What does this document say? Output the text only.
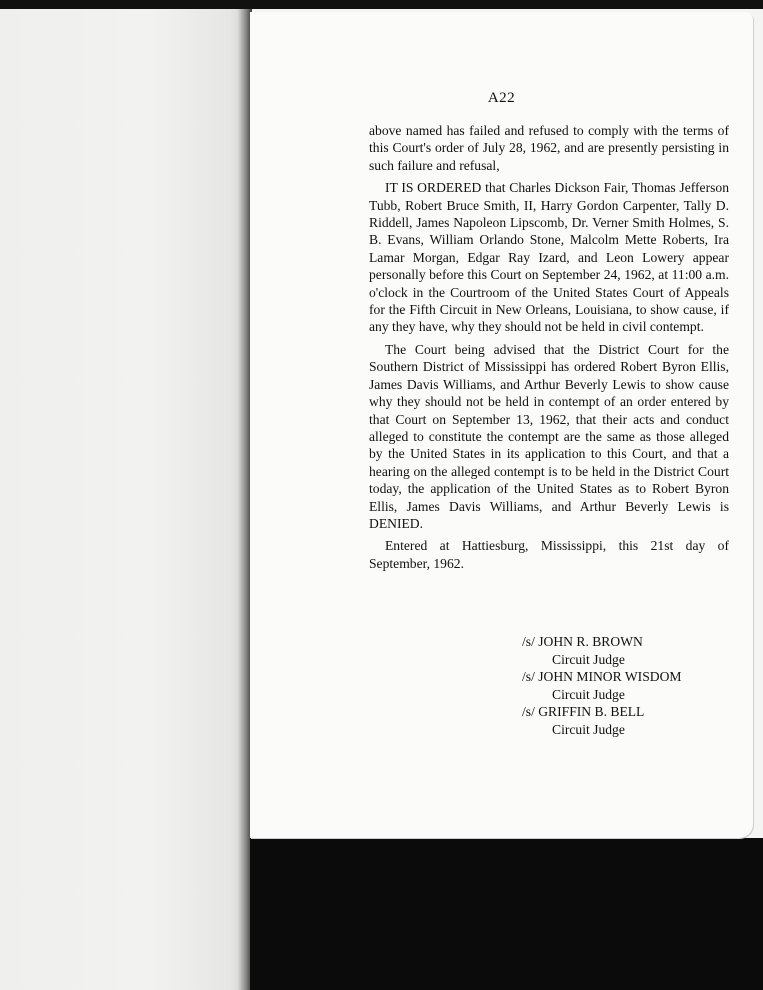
A22

above named has failed and refused to comply with the terms of this Court's order of July 28, 1962, and are presently persisting in such failure and refusal,

IT IS ORDERED that Charles Dickson Fair, Thomas Jefferson Tubb, Robert Bruce Smith, II, Harry Gordon Carpenter, Tally D. Riddell, James Napoleon Lipscomb, Dr. Verner Smith Holmes, S. B. Evans, William Orlando Stone, Malcolm Mette Roberts, Ira Lamar Morgan, Edgar Ray Izard, and Leon Lowery appear personally before this Court on September 24, 1962, at 11:00 a.m. o'clock in the Courtroom of the United States Court of Appeals for the Fifth Circuit in New Orleans, Louisiana, to show cause, if any they have, why they should not be held in civil contempt.

The Court being advised that the District Court for the Southern District of Mississippi has ordered Robert Byron Ellis, James Davis Williams, and Arthur Beverly Lewis to show cause why they should not be held in contempt of an order entered by that Court on September 13, 1962, that their acts and conduct alleged to constitute the contempt are the same as those alleged by the United States in its application to this Court, and that a hearing on the alleged contempt is to be held in the District Court today, the application of the United States as to Robert Byron Ellis, James Davis Williams, and Arthur Beverly Lewis is DENIED.

Entered at Hattiesburg, Mississippi, this 21st day of September, 1962.

/s/ JOHN R. BROWN
Circuit Judge
/s/ JOHN MINOR WISDOM
Circuit Judge
/s/ GRIFFIN B. BELL
Circuit Judge
